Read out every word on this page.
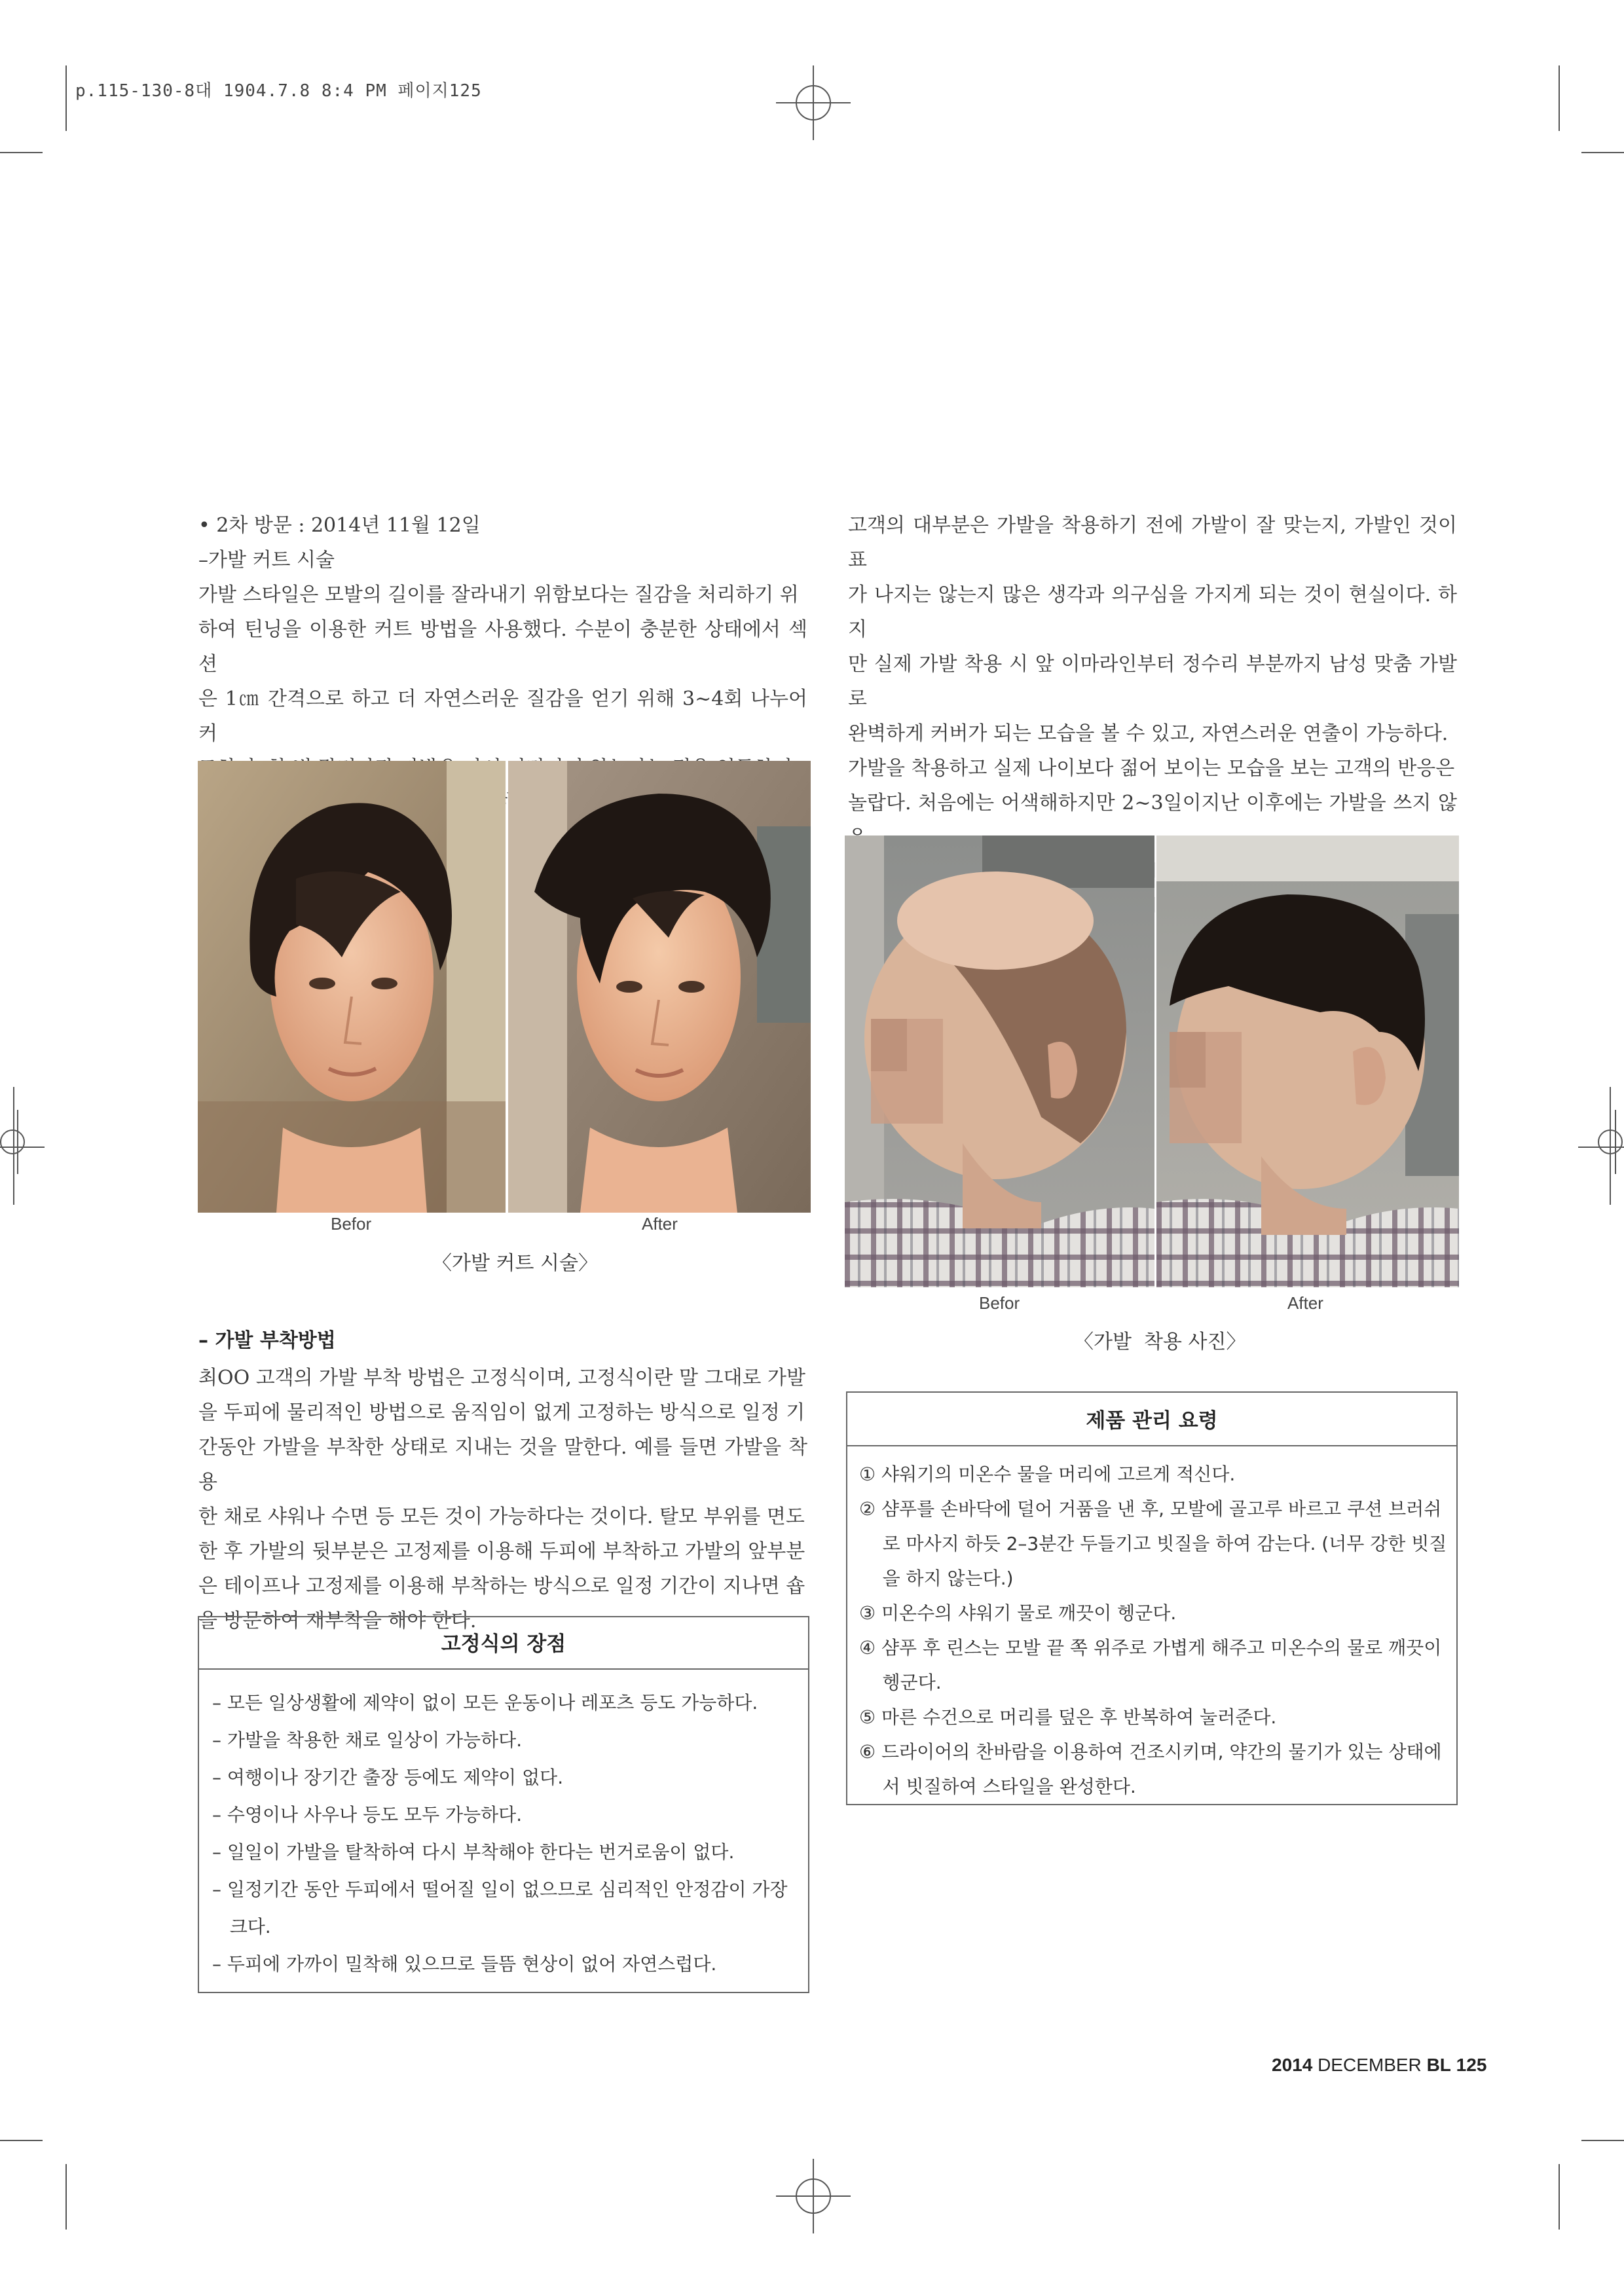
p.115-130-8대 1904.7.8 8:4 PM 페이지125

• 2차 방문 : 2014년 11월 12일

–가발 커트 시술

가발 스타일은 모발의 길이를 잘라내기 위함보다는 질감을 처리하기 위

하여 틴닝을 이용한 커트 방법을 사용했다. 수분이 충분한 상태에서 섹션

은 1㎝ 간격으로 하고 더 자연스러운 질감을 얻기 위해 3~4회 나누어 커

Befor	After
〈가발 커트 시술〉
– 가발 부착방법

최OO 고객의 가발 부착 방법은 고정식이며, 고정식이란 말 그대로 가발

을 두피에 물리적인 방법으로 움직임이 없게 고정하는 방식으로 일정 기

간동안 가발을 부착한 상태로 지내는 것을 말한다. 예를 들면 가발을 착용

한 채로 샤워나 수면 등 모든 것이 가능하다는 것이다. 탈모 부위를 면도

한 후 가발의 뒷부분은 고정제를 이용해 두피에 부착하고 가발의 앞부분

은 테이프나 고정제를 이용해 부착하는 방식으로 일정 기간이 지나면 숍

을 방문하여 재부착을 해야 한다.

고정식의 장점
– 모든 일상생활에 제약이 없이 모든 운동이나 레포츠 등도 가능하다.
– 가발을 착용한 채로 일상이 가능하다.
– 여행이나 장기간 출장 등에도 제약이 없다.
– 수영이나 사우나 등도 모두 가능하다.
– 일일이 가발을 탈착하여 다시 부착해야 한다는 번거로움이 없다.
– 일정기간 동안 두피에서 떨어질 일이 없으므로 심리적인 안정감이 가장
크다.
– 두피에 가까이 밀착해 있으므로 들뜸 현상이 없어 자연스럽다.

고객의 대부분은 가발을 착용하기 전에 가발이 잘 맞는지, 가발인 것이 표

가 나지는 않는지 많은 생각과 의구심을 가지게 되는 것이 현실이다. 하지

만 실제 가발 착용 시 앞 이마라인부터 정수리 부분까지 남성 맞춤 가발로

완벽하게 커버가 되는 모습을 볼 수 있고, 자연스러운 연출이 가능하다.

가발을 착용하고 실제 나이보다 젊어 보이는 모습을 보는 고객의 반응은

놀랍다. 처음에는 어색해하지만 2~3일이지난 이후에는 가발을 쓰지 않

Befor	After
〈가발  착용 사진〉
제품 관리 요령
① 샤워기의 미온수 물을 머리에 고르게 적신다.
② 샴푸를 손바닥에 덜어 거품을 낸 후, 모발에 골고루 바르고 쿠션 브러쉬
로 마사지 하듯 2–3분간 두들기고 빗질을 하여 감는다. (너무 강한 빗질
을 하지 않는다.)
③ 미온수의 샤워기 물로 깨끗이 헹군다.
④ 샴푸 후 린스는 모발 끝 쪽 위주로 가볍게 해주고 미온수의 물로 깨끗이
헹군다.
⑤ 마른 수건으로 머리를 덮은 후 반복하여 눌러준다.
⑥ 드라이어의 찬바람을 이용하여 건조시키며, 약간의 물기가 있는 상태에
서 빗질하여 스타일을 완성한다.
2014 DECEMBER BL 125
